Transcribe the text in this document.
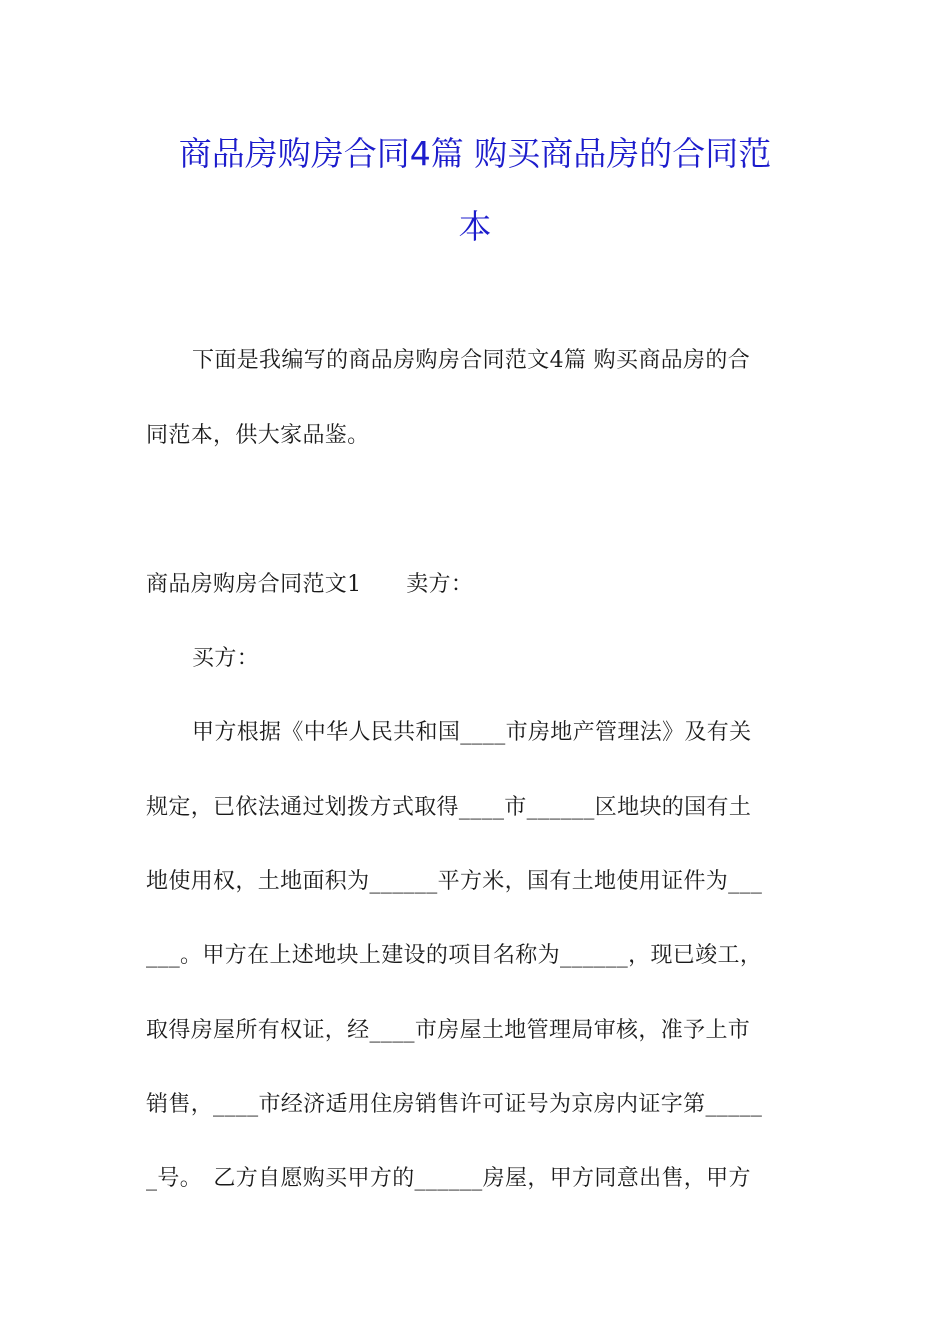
商品房购房合同4篇 购买商品房的合同范
本
下面是我编写的商品房购房合同范文4篇 购买商品房的合
同范本，供大家品鉴。
商品房购房合同范文1　　卖方：
买方：
甲方根据《中华人民共和国____市房地产管理法》及有关
规定，已依法通过划拨方式取得____市______区地块的国有土
地使用权，土地面积为______平方米，国有土地使用证件为___
___。甲方在上述地块上建设的项目名称为______，现已竣工，
取得房屋所有权证，经____市房屋土地管理局审核，准予上市
销售，____市经济适用住房销售许可证号为京房内证字第_____
_号。　乙方自愿购买甲方的______房屋，甲方同意出售，甲方
